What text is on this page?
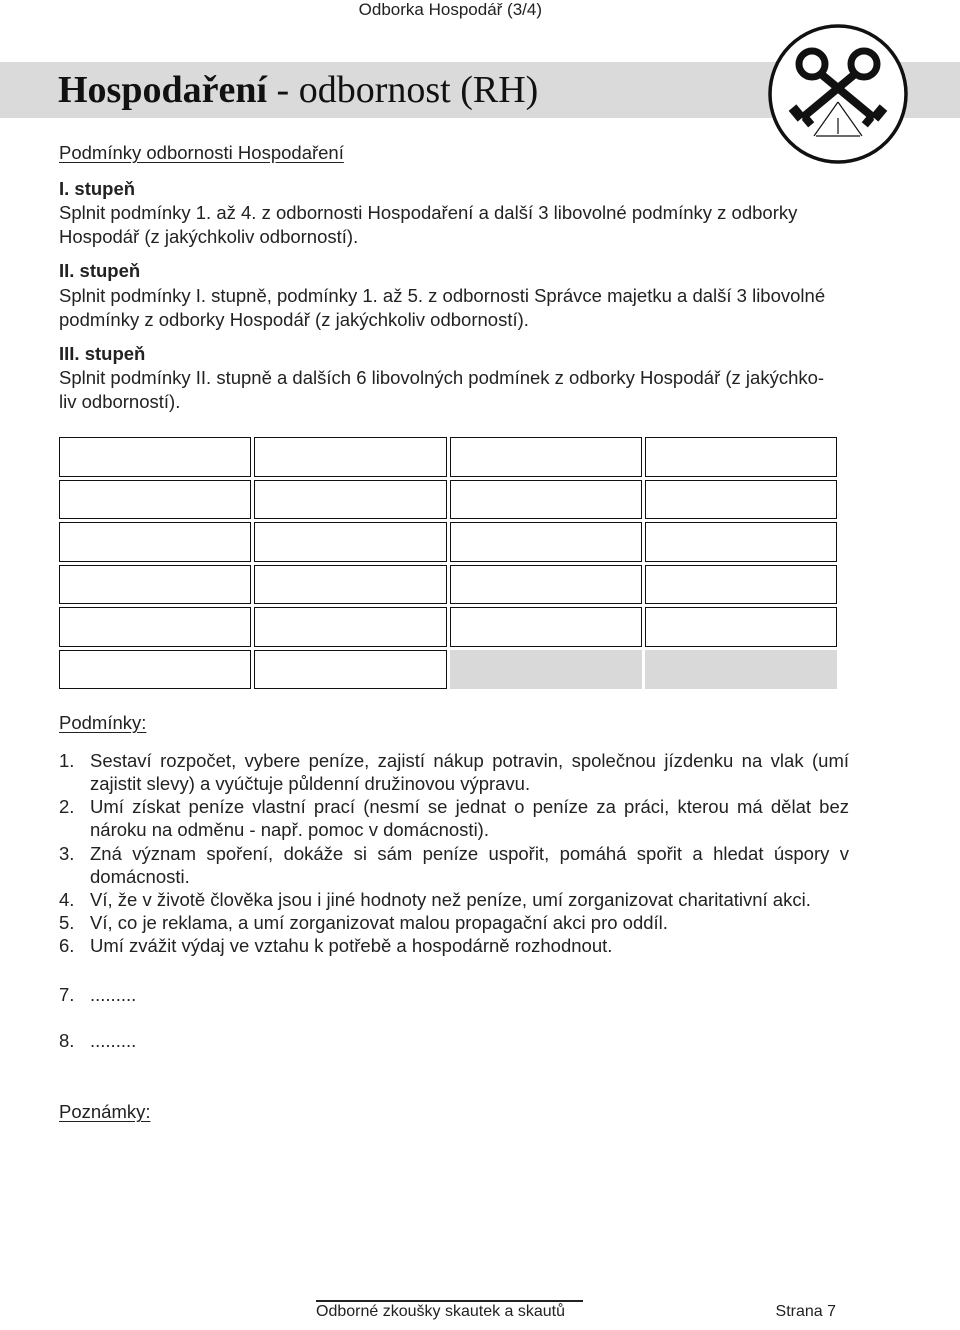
Odborka Hospodář (3/4)
Hospodaření - odbornost (RH)
Podmínky odbornosti Hospodaření
I. stupeň
Splnit podmínky 1. až 4. z odbornosti Hospodaření a další 3 libovolné podmínky z odborky Hospodář (z jakýchkoliv odborností).
II. stupeň
Splnit podmínky I. stupně, podmínky 1. až 5. z odbornosti Správce majetku a další 3 libovolné podmínky z odborky Hospodář (z jakýchkoliv odborností).
III. stupeň
Splnit podmínky II. stupně a dalších 6 libovolných podmínek z odborky Hospodář (z jakýchko-liv odborností).
Podmínky:
1. Sestaví rozpočet, vybere peníze, zajistí nákup potravin, společnou jízdenku na vlak (umí zajistit slevy) a vyúčtuje půldenní družinovou výpravu.
2. Umí získat peníze vlastní prací (nesmí se jednat o peníze za práci, kterou má dělat bez nároku na odměnu - např. pomoc v domácnosti).
3. Zná význam spoření, dokáže si sám peníze uspořit, pomáhá spořit a hledat úspory v domácnosti.
4. Ví, že v životě člověka jsou i jiné hodnoty než peníze, umí zorganizovat charitativní akci.
5. Ví, co je reklama, a umí zorganizovat malou propagační akci pro oddíl.
6. Umí zvážit výdaj ve vztahu k potřebě a hospodárně rozhodnout.
7. .........
8. .........
Poznámky:
Odborné zkoušky skautek a skautů	Strana 7
